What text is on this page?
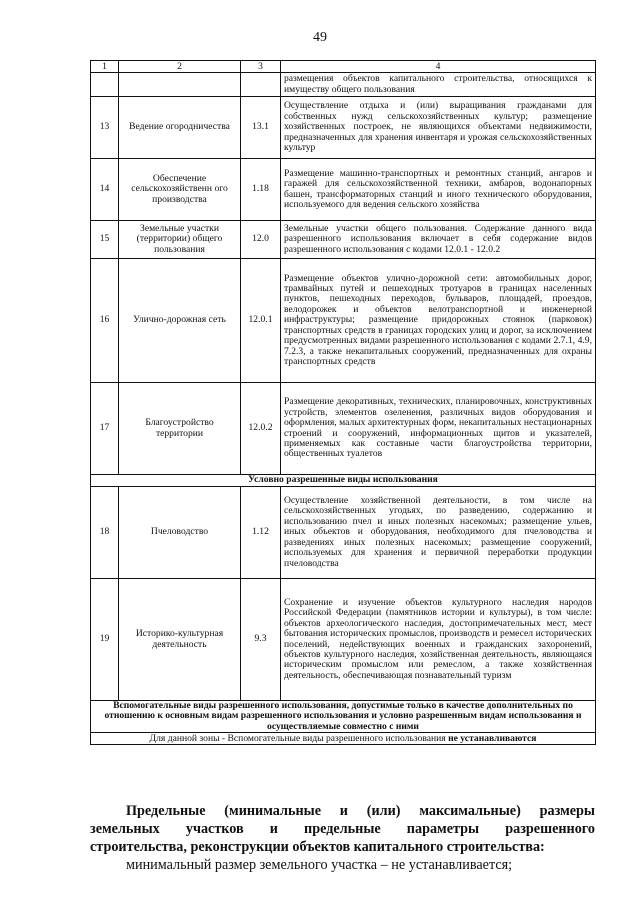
49
1	2	3	4
			размещения объектов капитального строительства, относящихся к имуществу общего пользования
13	Ведение огородничества	13.1	Осуществление отдыха и (или) выращивания гражданами для собственных нужд сельскохозяйственных культур; размещение хозяйственных построек, не являющихся объектами недвижимости, предназначенных для хранения инвентаря и урожая сельскохозяйственных культур
14	Обеспечение сельскохозяйственн ого производства	1.18	Размещение машинно-транспортных и ремонтных станций, ангаров и гаражей для сельскохозяйственной техники, амбаров, водонапорных башен, трансформаторных станций и иного технического оборудования, используемого для ведения сельского хозяйства
15	Земельные участки (территории) общего пользования	12.0	Земельные участки общего пользования. Содержание данного вида разрешенного использования включает в себя содержание видов разрешенного использования с кодами 12.0.1 - 12.0.2
16	Улично-дорожная сеть	12.0.1	Размещение объектов улично-дорожной сети: автомобильных дорог, трамвайных путей и пешеходных тротуаров в границах населенных пунктов, пешеходных переходов, бульваров, площадей, проездов, велодорожек и объектов велотранспортной и инженерной инфраструктуры; размещение придорожных стоянок (парковок) транспортных средств в границах городских улиц и дорог, за исключением предусмотренных видами разрешенного использования с кодами 2.7.1, 4.9, 7.2.3, а также некапитальных сооружений, предназначенных для охраны транспортных средств
17	Благоустройство территории	12.0.2	Размещение декоративных, технических, планировочных, конструктивных устройств, элементов озеленения, различных видов оборудования и оформления, малых архитектурных форм, некапитальных нестационарных строений и сооружений, информационных щитов и указателей, применяемых как составные части благоустройства территории, общественных туалетов
Условно разрешенные виды использования			
18	Пчеловодство	1.12	Осуществление хозяйственной деятельности, в том числе на сельскохозяйственных угодьях, по разведению, содержанию и использованию пчел и иных полезных насекомых; размещение ульев, иных объектов и оборудования, необходимого для пчеловодства и разведениях иных полезных насекомых; размещение сооружений, используемых для хранения и первичной переработки продукции пчеловодства
19	Историко-культурная деятельность	9.3	Сохранение и изучение объектов культурного наследия народов Российской Федерации (памятников истории и культуры), в том числе: объектов археологического наследия, достопримечательных мест, мест бытования исторических промыслов, производств и ремесел исторических поселений, недействующих военных и гражданских захоронений, объектов культурного наследия, хозяйственная деятельность, являющаяся историческим промыслом или ремеслом, а также хозяйственная деятельность, обеспечивающая познавательный туризм
Вспомогательные виды разрешенного использования, допустимые только в качестве дополнительных по отношению к основным видам разрешенного использования и условно разрешенным видам использования и осуществляемые совместно с ними			
Для данной зоны - Вспомогательные виды разрешенного использования не устанавливаются			
Предельные (минимальные и (или) максимальные) размеры
земельных участков и предельные параметры разрешенного
строительства, реконструкции объектов капитального строительства:
минимальный размер земельного участка – не устанавливается;
